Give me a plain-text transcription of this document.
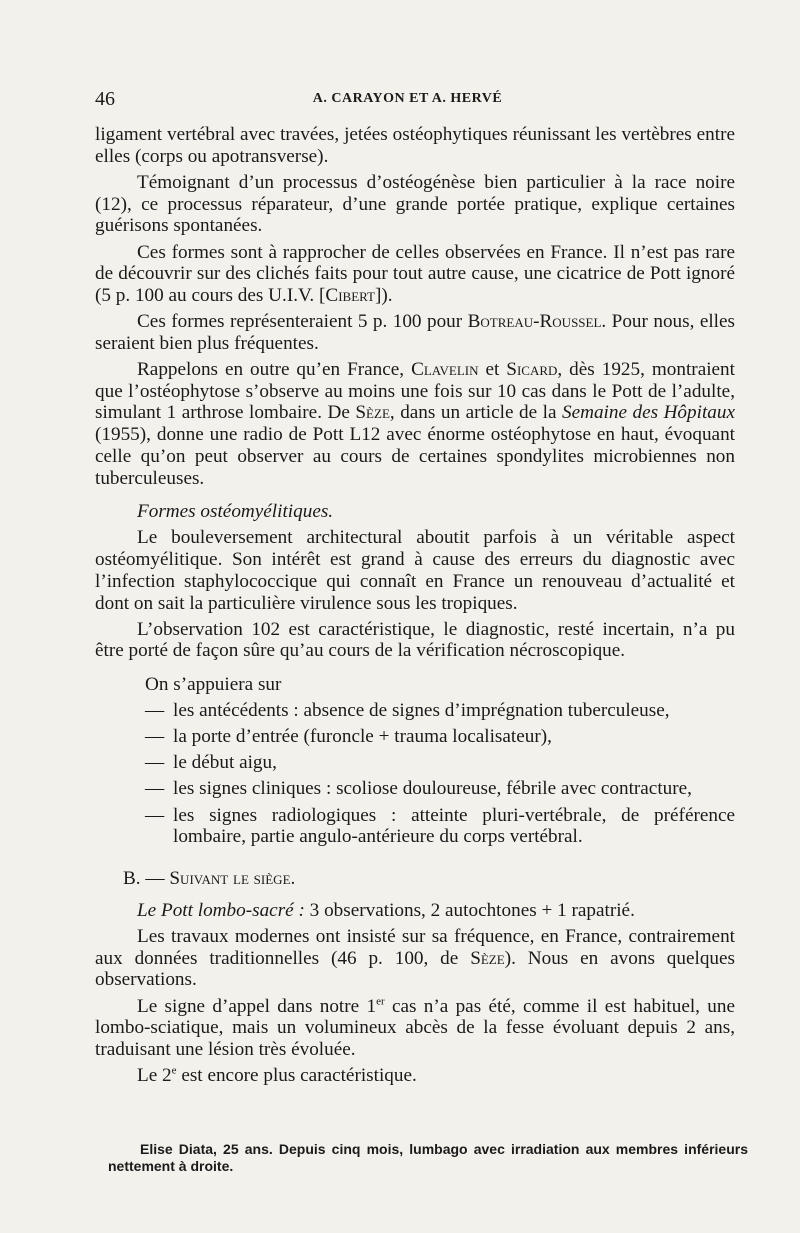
46	A. CARAYON ET A. HERVÉ

ligament vertébral avec travées, jetées ostéophytiques réunissant les vertèbres entre elles (corps ou apotransverse).

Témoignant d’un processus d’ostéogénèse bien particulier à la race noire (12), ce processus réparateur, d’une grande portée pratique, explique certaines guérisons spontanées.

Ces formes sont à rapprocher de celles observées en France. Il n’est pas rare de découvrir sur des clichés faits pour tout autre cause, une cicatrice de Pott ignoré (5 p. 100 au cours des U.I.V. [Cibert]).

Ces formes représenteraient 5 p. 100 pour Botreau-Roussel. Pour nous, elles seraient bien plus fréquentes.

Rappelons en outre qu’en France, Clavelin et Sicard, dès 1925, montraient que l’ostéophytose s’observe au moins une fois sur 10 cas dans le Pott de l’adulte, simulant 1 arthrose lombaire. De Sèze, dans un article de la Semaine des Hôpitaux (1955), donne une radio de Pott L12 avec énorme ostéophytose en haut, évoquant celle qu’on peut observer au cours de certaines spondylites microbiennes non tuberculeuses.

Formes ostéomyélitiques.

Le bouleversement architectural aboutit parfois à un véritable aspect ostéomyélitique. Son intérêt est grand à cause des erreurs du diagnostic avec l’infection staphylococcique qui connaît en France un renouveau d’actualité et dont on sait la particulière virulence sous les tropiques.

L’observation 102 est caractéristique, le diagnostic, resté incertain, n’a pu être porté de façon sûre qu’au cours de la vérification nécroscopique.

On s’appuiera sur

— les antécédents : absence de signes d’imprégnation tuberculeuse,

— la porte d’entrée (furoncle + trauma localisateur),

— le début aigu,

— les signes cliniques : scoliose douloureuse, fébrile avec contracture,

— les signes radiologiques : atteinte pluri-vertébrale, de préférence lombaire, partie angulo-antérieure du corps vertébral.

B. — Suivant le siège.

Le Pott lombo-sacré : 3 observations, 2 autochtones + 1 rapatrié.

Les travaux modernes ont insisté sur sa fréquence, en France, contrairement aux données traditionnelles (46 p. 100, de Sèze). Nous en avons quelques observations.

Le signe d’appel dans notre 1er cas n’a pas été, comme il est habituel, une lombo-sciatique, mais un volumineux abcès de la fesse évoluant depuis 2 ans, traduisant une lésion très évoluée.

Le 2e est encore plus caractéristique.

Elise Diata, 25 ans. Depuis cinq mois, lumbago avec irradiation aux membres inférieurs nettement à droite.
